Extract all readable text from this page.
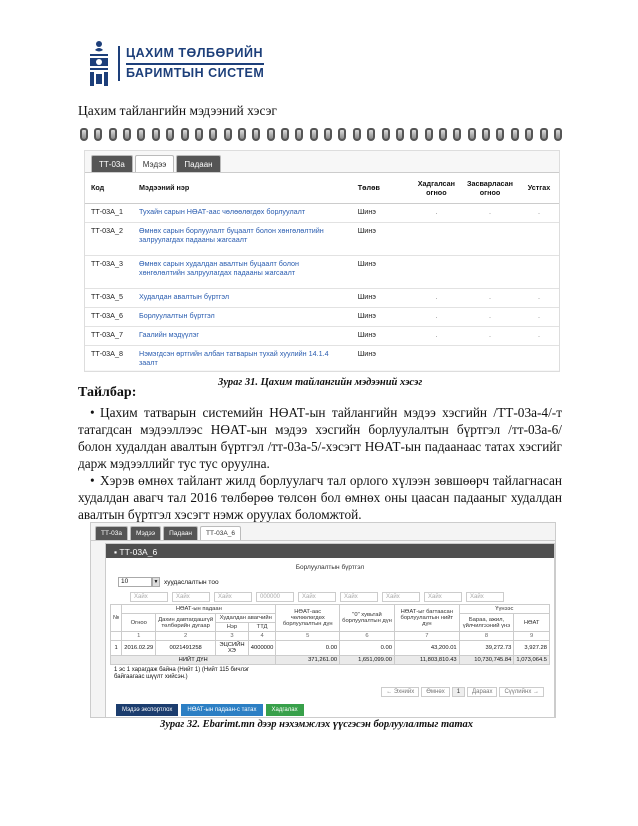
ЦАХИМ ТӨЛБӨРИЙН
БАРИМТЫН СИСТЕМ
Цахим тайлангийн мэдээний хэсэг
ТТ-03а	Мэдээ	Падаан
Код	Мэдээний нэр	Төлөв	Хадгалсан огноо	Засварласан огноо	Устгах
ТТ-03А_1	Тухайн сарын НӨАТ-аас чөлөөлөгдөх борлуулалт	Шинэ	.	.	.
ТТ-03А_2	Өмнөх сарын борлуулалт буцаалт болон хөнгөлөлтийн залруулагдах падааны жагсаалт	Шинэ			
ТТ-03А_3	Өмнөх сарын худалдан авалтын буцаалт болон хөнгөлөлтийн залруулагдах падааны жагсаалт	Шинэ			
ТТ-03А_5	Худалдан авалтын бүртгэл	Шинэ	.	.	.
ТТ-03А_6	Борлуулалтын бүртгэл	Шинэ	.	.	.
ТТ-03А_7	Гаалийн мэдүүлэг	Шинэ	.	.	.
ТТ-03А_8	Нэмэгдсэн өртгийн албан татварын тухай хуулийн 14.1.4 заалт	Шинэ			
Зураг 31. Цахим тайлангийн мэдээний хэсэг
Тайлбар:
• Цахим татварын системийн НӨАТ-ын тайлангийн мэдээ хэсгийн /ТТ-03а-4/-т татагдсан мэдээллээс НӨАТ-ын мэдээ хэсгийн борлуулалтын бүртгэл /тт-03а-6/ болон худалдан авалтын бүртгэл /тт-03а-5/-хэсэгт НӨАТ-ын падаанаас татах хэсгийг дарж мэдээллийг тус тус оруулна.
• Хэрэв өмнөх тайлант жилд борлуулагч тал орлого хүлээн зөвшөөрч тайлагнасан худалдан авагч тал 2016 төлбөрөө төлсөн бол өмнөх оны цаасан падааныг худалдан авалтын бүртгэл хэсэгт нэмж оруулах боломжтой.
ТТ-03а	Мэдээ	Падаан	ТТ-03А_6
▪ ТТ-03А_6
Борлуулалтын бүртгэл
10	▼ хуудаслалтын тоо
Хайх	Хайх	Хайх	000000	Хайх	Хайх	Хайх	Хайх	Хайх
№	НӨАТ-ын падаан				НӨАТ-аас чөлөөлөгдөх борлуулалтын дүн	"0" хувьтай борлуулалтын дүн	НӨАТ-ыг багтаасан борлуулалтын нийт дүн	Үүнээс	
	Огноо	Дахин давтагдашгүй төлбөрийн дугаар	Худалдан авагчийн					Бараа, ажил, үйлчилгээний үнэ	НӨАТ
			Нэр	ТТД					
	1	2	3	4	5	6	7	8	9
1	2016.02.29	0021491258	ЭЦСИЙН ХЭ	4000000	0.00	0.00	43,200.01	39,272.73	3,927.28
НИЙТ ДҮН					371,261.00	1,651,099.00	11,803,810.43	10,730,745.84	1,073,064.5
1 эс 1 харагдаж байна (Нийт 1) (Нийт 115 бичлэг байгаагаас шүүлт хийсэн.)
← Эхнийх	Өмнөх	1	Дараах	Сүүлийнх →
Мэдээ экспортлох	НӨАТ-ын падаан-с татах	Хадгалах
Зураг 32. Ebarimt.mn дээр нэхэмжлэх үүсгэсэн борлуулалтыг татах
